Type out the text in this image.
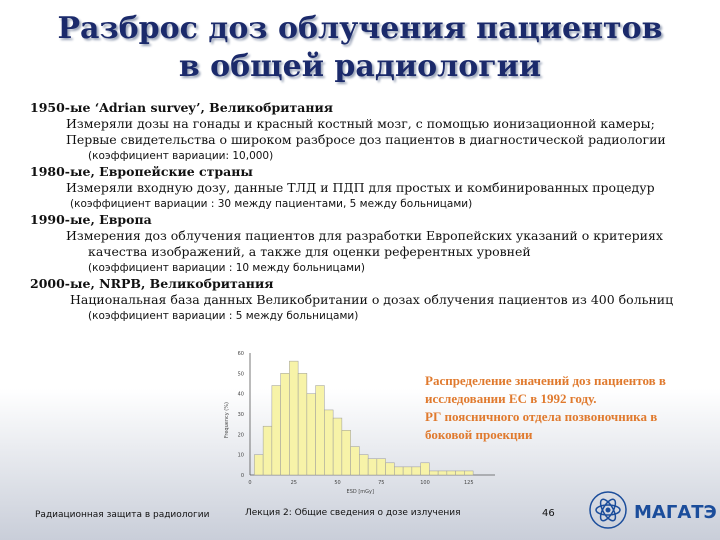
Разброс доз облучения пациентов
в общей радиологии
1950-ые ‘Adrian survey’, Великобритания
Измеряли дозы на гонады и красный костный мозг, с помощью ионизационной камеры;
Первые свидетельства о широком разбросе доз пациентов в диагностической радиологии
(коэффициент вариации: 10,000)
1980-ые, Европейские страны
Измеряли входную дозу, данные ТЛД и ПДП для простых и комбинированных процедур
(коэффициент вариации : 30 между пациентами, 5 между больницами)
1990-ые, Европа
Измерения доз облучения пациентов для разработки Европейских указаний о критериях
качества изображений, а также для оценки референтных уровней
(коэффициент вариации : 10 между больницами)
2000-ые, NRPB, Великобритания
Национальная база данных Великобритании о дозах облучения пациентов из 400 больниц
(коэффициент вариации : 5 между больницами)
0
10
20
30
40
50
60
0	25	50	75	100	125
ESD [mGy]
Frequency (%)
Распределение значений доз пациентов в
исследовании ЕС в 1992 году.
РГ поясничного отдела позвоночника в
боковой проекции
Радиационная защита в радиологии	Лекция 2: Общие сведения о дозе излучения	46	МАГАТЭ
